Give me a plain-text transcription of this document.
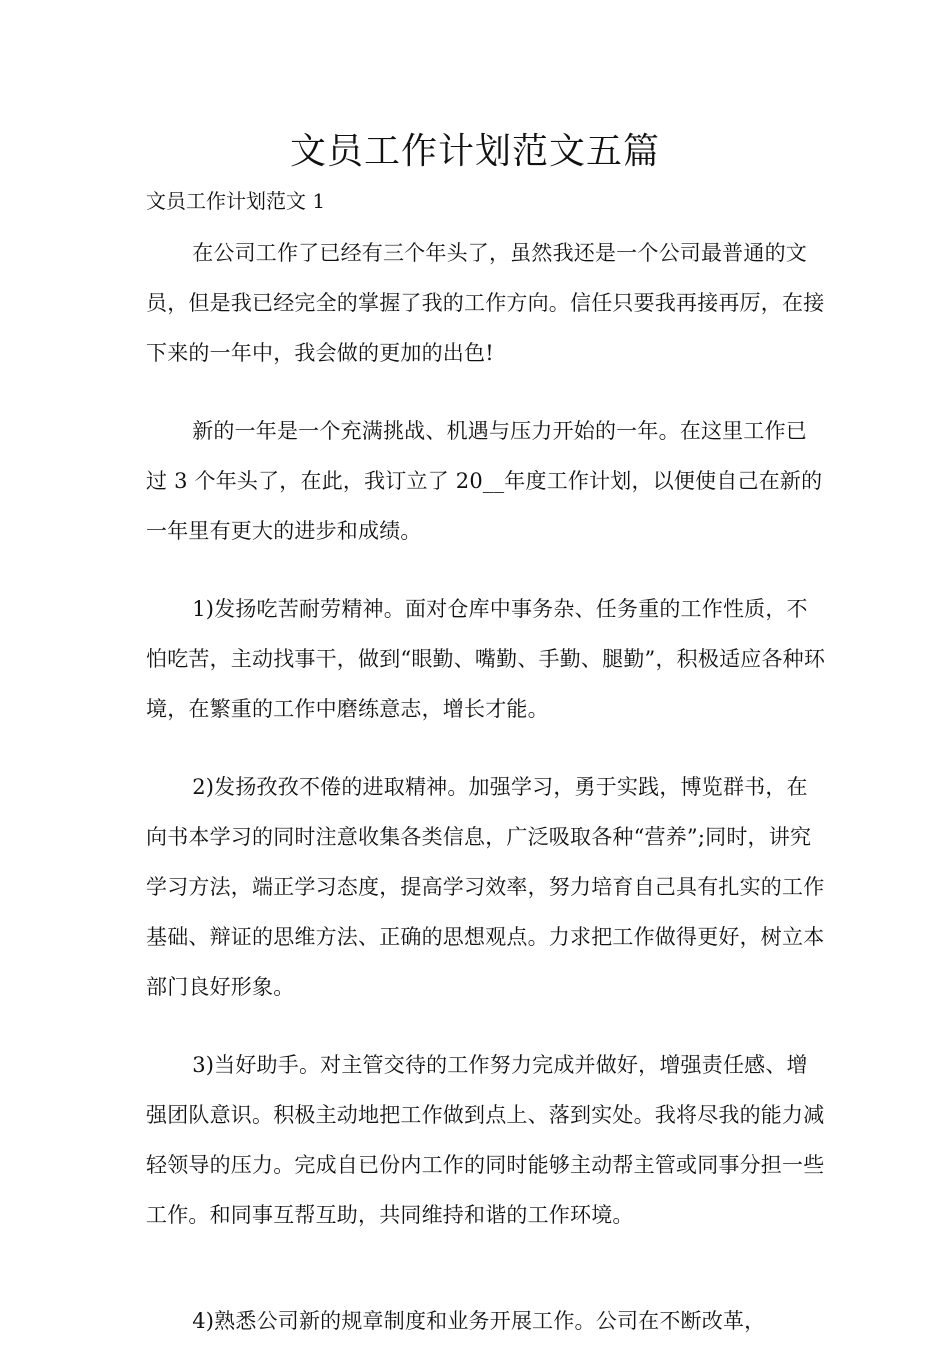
文员工作计划范文五篇

文员工作计划范文 1

在公司工作了已经有三个年头了，虽然我还是一个公司最普通的文员，但是我已经完全的掌握了我的工作方向。信任只要我再接再厉，在接下来的一年中，我会做的更加的出色!

新的一年是一个充满挑战、机遇与压力开始的一年。在这里工作已过 3 个年头了，在此，我订立了 20__年度工作计划，以便使自己在新的一年里有更大的进步和成绩。

1)发扬吃苦耐劳精神。面对仓库中事务杂、任务重的工作性质，不怕吃苦，主动找事干，做到“眼勤、嘴勤、手勤、腿勤”，积极适应各种环境，在繁重的工作中磨练意志，增长才能。

2)发扬孜孜不倦的进取精神。加强学习，勇于实践，博览群书，在向书本学习的同时注意收集各类信息，广泛吸取各种“营养”;同时，讲究学习方法，端正学习态度，提高学习效率，努力培育自己具有扎实的工作基础、辩证的思维方法、正确的思想观点。力求把工作做得更好，树立本部门良好形象。

3)当好助手。对主管交待的工作努力完成并做好，增强责任感、增强团队意识。积极主动地把工作做到点上、落到实处。我将尽我的能力减轻领导的压力。完成自已份内工作的同时能够主动帮主管或同事分担一些工作。和同事互帮互助，共同维持和谐的工作环境。

4)熟悉公司新的规章制度和业务开展工作。公司在不断改革，
